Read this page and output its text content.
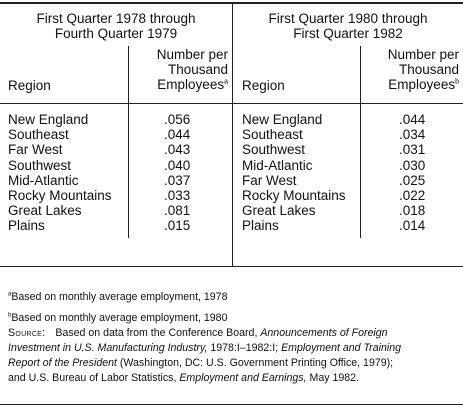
First Quarter 1978 through
Fourth Quarter 1979
Region
Number per
Thousand
Employees$^a$
First Quarter 1980 through
First Quarter 1982
Region
Number per
Thousand
Employees$^b$
New England
Southeast
Far West
Southwest
Mid-Atlantic
Rocky Mountains
Great Lakes
Plains
.056
.044
.043
.040
.037
.033
.081
.015
New England
Southeast
Southwest
Mid-Atlantic
Far West
Rocky Mountains
Great Lakes
Plains
.044
.034
.031
.030
.025
.022
.018
.014
$^a$Based on monthly average employment, 1978
$^b$Based on monthly average employment, 1980
Source: Based on data from the Conference Board, Announcements of Foreign
Investment in U.S. Manufacturing Industry, 1978:I–1982:I; Employment and Training
Report of the President (Washington, DC: U.S. Government Printing Office, 1979);
and U.S. Bureau of Labor Statistics, Employment and Earnings, May 1982.
